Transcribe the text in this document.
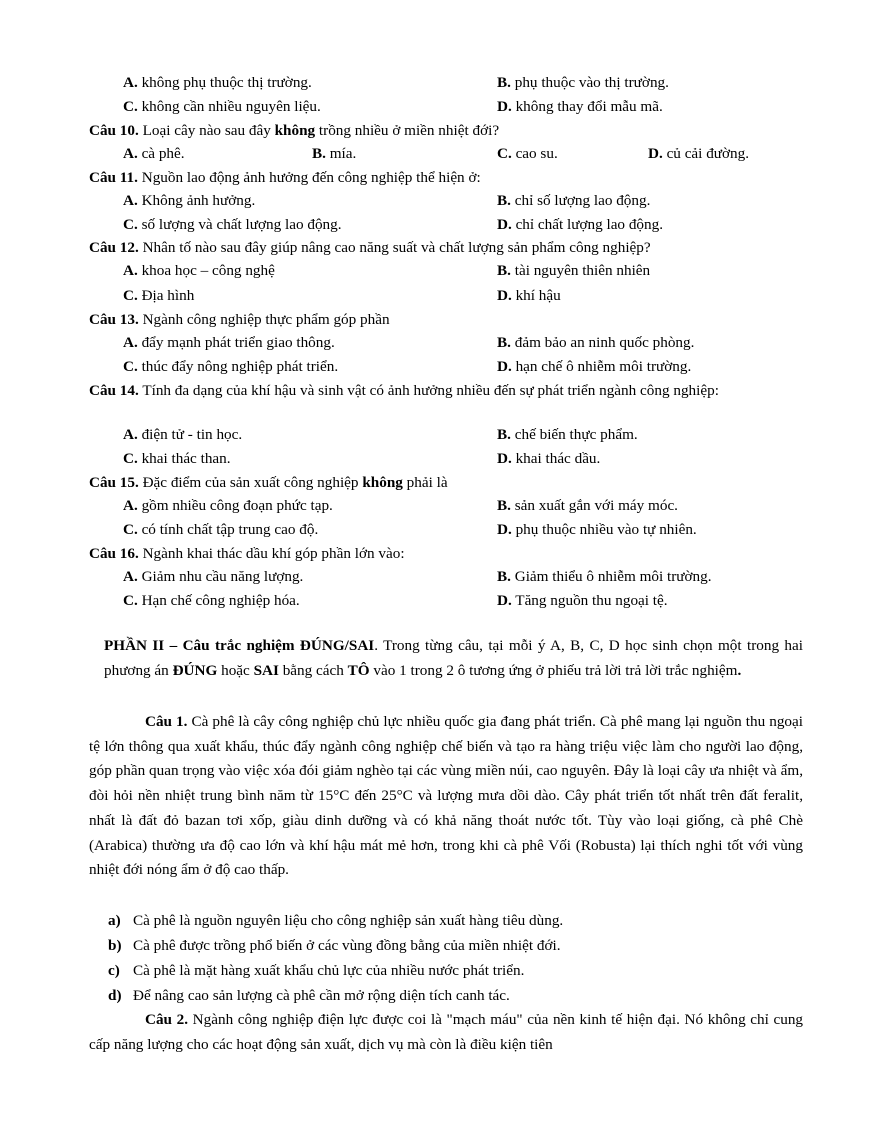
A. không phụ thuộc thị trường.	B. phụ thuộc vào thị trường.
C. không cần nhiều nguyên liệu.	D. không thay đổi mẫu mã.
Câu 10. Loại cây nào sau đây không trồng nhiều ở miền nhiệt đới?
A. cà phê.	B. mía.	C. cao su.	D. củ cải đường.
Câu 11. Nguồn lao động ảnh hưởng đến công nghiệp thể hiện ở:
A. Không ảnh hưởng.	B. chỉ số lượng lao động.
C. số lượng và chất lượng lao động.	D. chỉ chất lượng lao động.
Câu 12. Nhân tố nào sau đây giúp nâng cao năng suất và chất lượng sản phẩm công nghiệp?
A. khoa học – công nghệ	B. tài nguyên thiên nhiên
C. Địa hình	D. khí hậu
Câu 13. Ngành công nghiệp thực phẩm góp phần
A. đẩy mạnh phát triển giao thông.	B. đảm bảo an ninh quốc phòng.
C. thúc đẩy nông nghiệp phát triển.	D. hạn chế ô nhiễm môi trường.
Câu 14. Tính đa dạng của khí hậu và sinh vật có ảnh hưởng nhiều đến sự phát triển ngành công nghiệp:
A. điện tử - tin học.	B. chế biến thực phẩm.
C. khai thác than.	D. khai thác dầu.
Câu 15. Đặc điểm của sản xuất công nghiệp không phải là
A. gồm nhiều công đoạn phức tạp.	B. sản xuất gắn với máy móc.
C. có tính chất tập trung cao độ.	D. phụ thuộc nhiều vào tự nhiên.
Câu 16. Ngành khai thác dầu khí góp phần lớn vào:
A. Giảm nhu cầu năng lượng.	B. Giảm thiểu ô nhiễm môi trường.
C. Hạn chế công nghiệp hóa.	D. Tăng nguồn thu ngoại tệ.
PHẦN II – Câu trắc nghiệm ĐÚNG/SAI. Trong từng câu, tại mỗi ý A, B, C, D học sinh chọn một trong hai phương án ĐÚNG hoặc SAI bằng cách TÔ vào 1 trong 2 ô tương ứng ở phiếu trả lời trả lời trắc nghiệm.
Câu 1. Cà phê là cây công nghiệp chủ lực nhiều quốc gia đang phát triển. Cà phê mang lại nguồn thu ngoại tệ lớn thông qua xuất khẩu, thúc đẩy ngành công nghiệp chế biến và tạo ra hàng triệu việc làm cho người lao động, góp phần quan trọng vào việc xóa đói giảm nghèo tại các vùng miền núi, cao nguyên. Đây là loại cây ưa nhiệt và ẩm, đòi hỏi nền nhiệt trung bình năm từ 15°C đến 25°C và lượng mưa dồi dào. Cây phát triển tốt nhất trên đất feralit, nhất là đất đỏ bazan tơi xốp, giàu dinh dưỡng và có khả năng thoát nước tốt. Tùy vào loại giống, cà phê Chè (Arabica) thường ưa độ cao lớn và khí hậu mát mẻ hơn, trong khi cà phê Vối (Robusta) lại thích nghi tốt với vùng nhiệt đới nóng ẩm ở độ cao thấp.
a) Cà phê là nguồn nguyên liệu cho công nghiệp sản xuất hàng tiêu dùng.
b) Cà phê được trồng phổ biến ở các vùng đồng bằng của miền nhiệt đới.
c) Cà phê là mặt hàng xuất khẩu chủ lực của nhiều nước phát triển.
d) Để nâng cao sản lượng cà phê cần mở rộng diện tích canh tác.
Câu 2. Ngành công nghiệp điện lực được coi là "mạch máu" của nền kinh tế hiện đại. Nó không chỉ cung cấp năng lượng cho các hoạt động sản xuất, dịch vụ mà còn là điều kiện tiên
